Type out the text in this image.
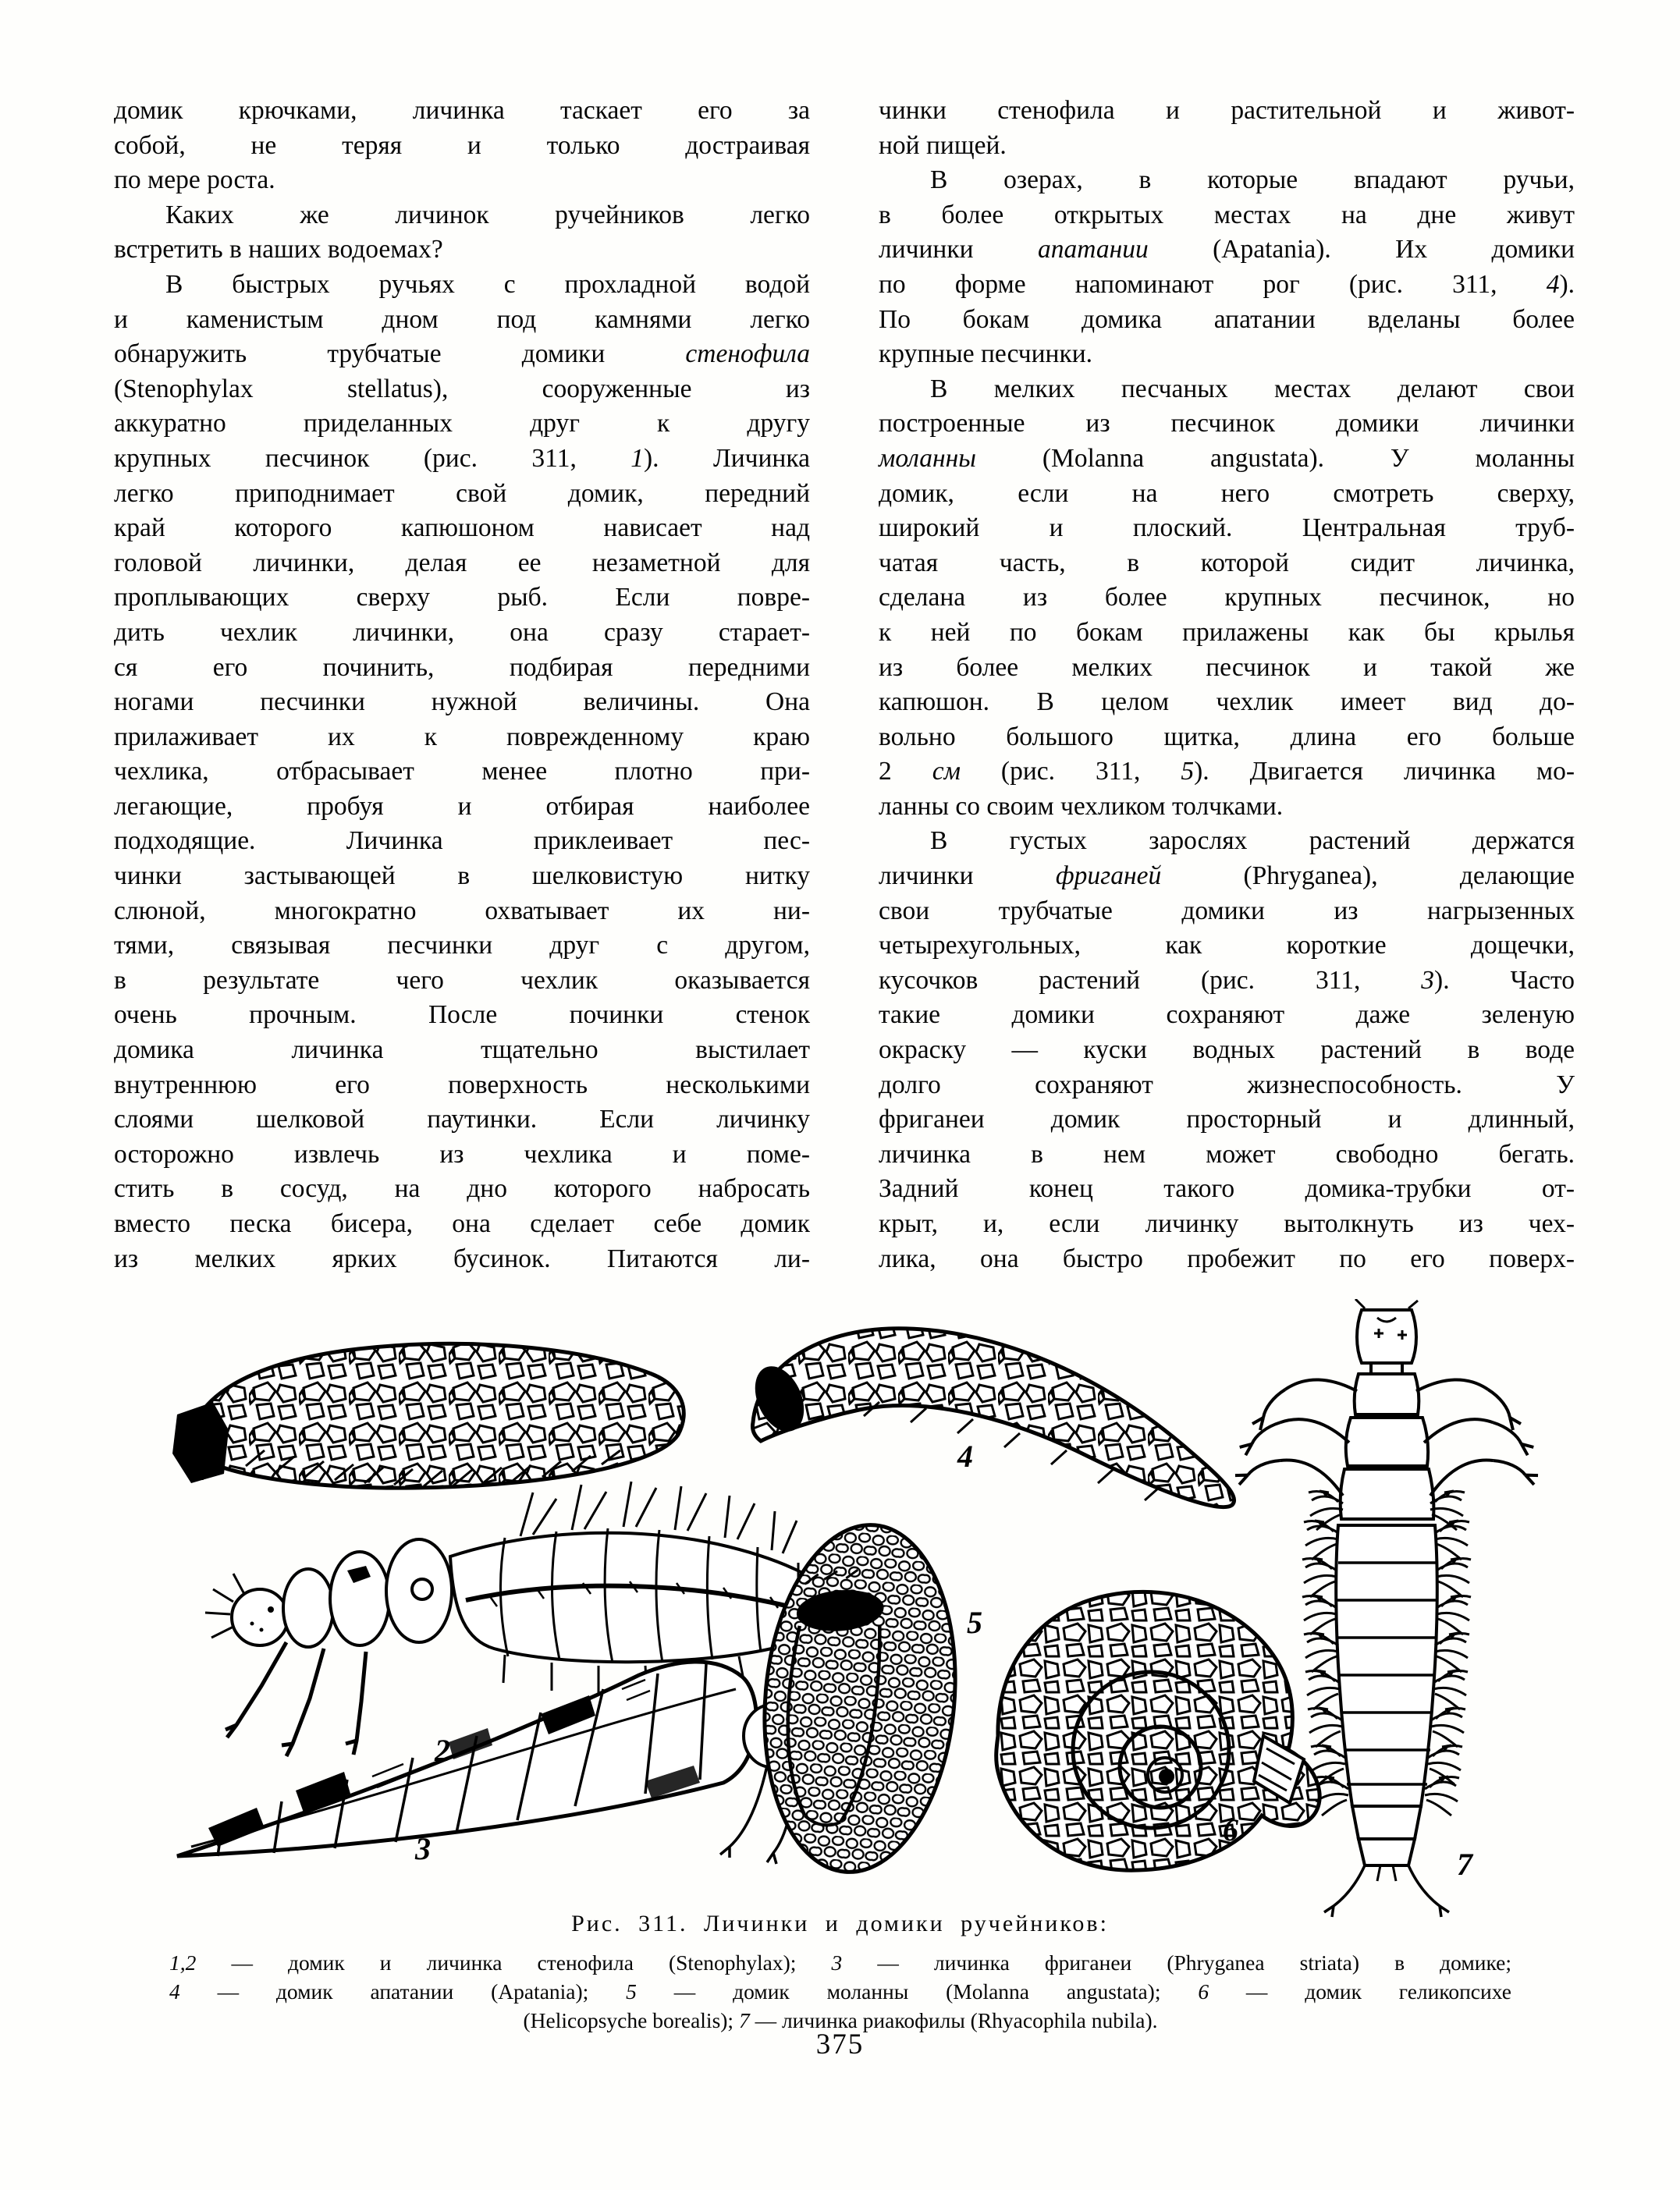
домик крючками, личинка таскает его за
собой, не теряя и только достраивая
по мере роста.
Каких же личинок ручейников легко
встретить в наших водоемах?
В быстрых ручьях с прохладной водой
и каменистым дном под камнями легко
обнаружить трубчатые домики стенофила
(Stenophylax stellatus), сооруженные из
аккуратно приделанных друг к другу
крупных песчинок (рис. 311, 1). Личинка
легко приподнимает свой домик, передний
край которого капюшоном нависает над
головой личинки, делая ее незаметной для
проплывающих сверху рыб. Если повре-
дить чехлик личинки, она сразу старает-
ся его починить, подбирая передними
ногами песчинки нужной величины. Она
прилаживает их к поврежденному краю
чехлика, отбрасывает менее плотно при-
легающие, пробуя и отбирая наиболее
подходящие. Личинка приклеивает пес-
чинки застывающей в шелковистую нитку
слюной, многократно охватывает их ни-
тями, связывая песчинки друг с другом,
в результате чего чехлик оказывается
очень прочным. После починки стенок
домика личинка тщательно выстилает
внутреннюю его поверхность несколькими
слоями шелковой паутинки. Если личинку
осторожно извлечь из чехлика и поме-
стить в сосуд, на дно которого набросать
вместо песка бисера, она сделает себе домик
из мелких ярких бусинок. Питаются ли-
чинки стенофила и растительной и живот-
ной пищей.
В озерах, в которые впадают ручьи,
в более открытых местах на дне живут
личинки апатании (Apatania). Их домики
по форме напоминают рог (рис. 311, 4).
По бокам домика апатании вделаны более
крупные песчинки.
В мелких песчаных местах делают свои
построенные из песчинок домики личинки
моланны (Molanna angustata). У моланны
домик, если на него смотреть сверху,
широкий и плоский. Центральная труб-
чатая часть, в которой сидит личинка,
сделана из более крупных песчинок, но
к ней по бокам прилажены как бы крылья
из более мелких песчинок и такой же
капюшон. В целом чехлик имеет вид до-
вольно большого щитка, длина его больше
2 см (рис. 311, 5). Двигается личинка мо-
ланны со своим чехликом толчками.
В густых зарослях растений держатся
личинки фриганей (Phryganea), делающие
свои трубчатые домики из нагрызенных
четырехугольных, как короткие дощечки,
кусочков растений (рис. 311, 3). Часто
такие домики сохраняют даже зеленую
окраску — куски водных растений в воде
долго сохраняют жизнеспособность. У
фриганеи домик просторный и длинный,
личинка в нем может свободно бегать.
Задний конец такого домика-трубки от-
крыт, и, если личинку вытолкнуть из чех-
лика, она быстро пробежит по его поверх-
1
2
3
4
5
6
7
Рис. 311. Личинки и домики ручейников:
1,2 — домик и личинка стенофила (Stenophylax); 3 — личинка фриганеи (Phryganea striata) в домике;
4 — домик апатании (Apatania); 5 — домик моланны (Molanna angustata); 6 — домик геликопсихе
(Helicopsyche borealis); 7 — личинка риакофилы (Rhyacophila nubila).
375
